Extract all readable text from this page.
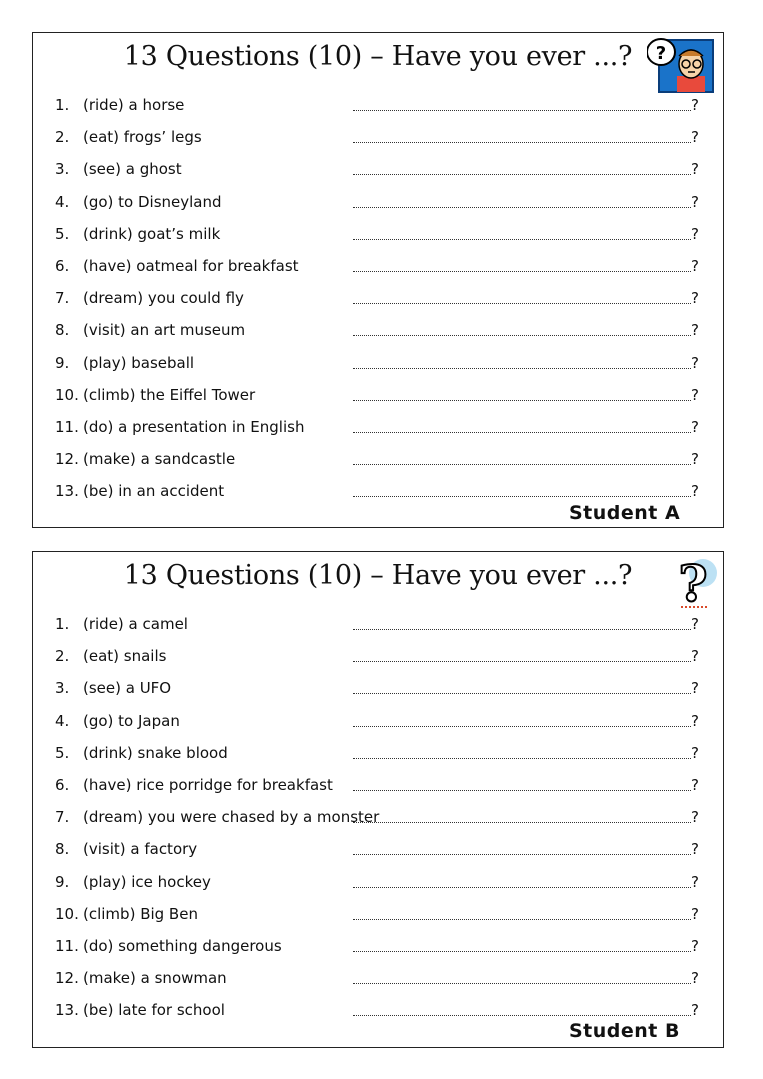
13 Questions (10) – Have you ever ...?	?
1. (ride) a horse	?
2. (eat) frogs’ legs	?
3. (see) a ghost	?
4. (go) to Disneyland	?
5. (drink) goat’s milk	?
6. (have) oatmeal for breakfast	?
7. (dream) you could fly	?
8. (visit) an art museum	?
9. (play) baseball	?
10. (climb) the Eiffel Tower	?
11. (do) a presentation in English	?
12. (make) a sandcastle	?
13. (be) in an accident	?
Student A
13 Questions (10) – Have you ever ...? ?
1. (ride) a camel	?
2. (eat) snails	?
3. (see) a UFO	?
4. (go) to Japan	?
5. (drink) snake blood	?
6. (have) rice porridge for breakfast	?
7. (dream) you were chased by a monster	?
8. (visit) a factory	?
9. (play) ice hockey	?
10. (climb) Big Ben	?
11. (do) something dangerous	?
12. (make) a snowman	?
13. (be) late for school	?
Student B
